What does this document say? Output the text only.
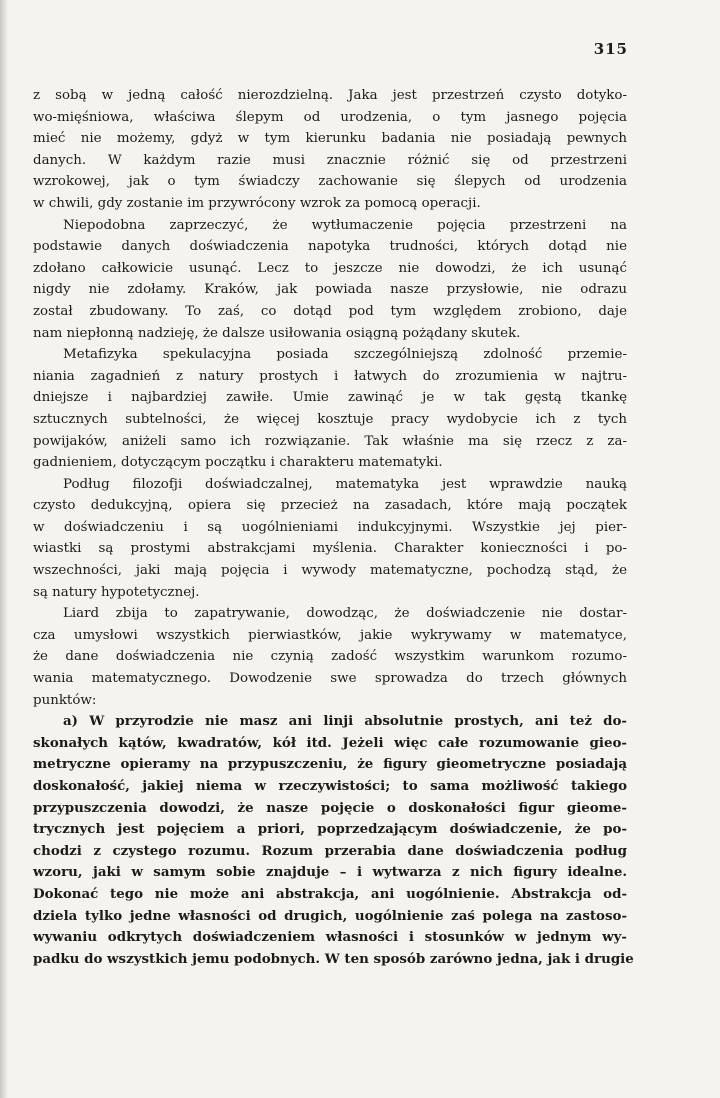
315
z sobą w jedną całość nierozdzielną. Jaka jest przestrzeń czysto dotyko-
wo-mięśniowa, właściwa ślepym od urodzenia, o tym jasnego pojęcia
mieć nie możemy, gdyż w tym kierunku badania nie posiadają pewnych
danych. W każdym razie musi znacznie różnić się od przestrzeni
wzrokowej, jak o tym świadczy zachowanie się ślepych od urodzenia
w chwili, gdy zostanie im przywrócony wzrok za pomocą operacji.
Niepodobna zaprzeczyć, że wytłumaczenie pojęcia przestrzeni na
podstawie danych doświadczenia napotyka trudności, których dotąd nie
zdołano całkowicie usunąć. Lecz to jeszcze nie dowodzi, że ich usunąć
nigdy nie zdołamy. Kraków, jak powiada nasze przysłowie, nie odrazu
został zbudowany. To zaś, co dotąd pod tym względem zrobiono, daje
nam niepłonną nadzieję, że dalsze usiłowania osiągną pożądany skutek.
Metafizyka spekulacyjna posiada szczególniejszą zdolność przemie-
niania zagadnień z natury prostych i łatwych do zrozumienia w najtru-
dniejsze i najbardziej zawiłe. Umie zawinąć je w tak gęstą tkankę
sztucznych subtelności, że więcej kosztuje pracy wydobycie ich z tych
powijaków, aniżeli samo ich rozwiązanie. Tak właśnie ma się rzecz z za-
gadnieniem, dotyczącym początku i charakteru matematyki.
Podług filozofji doświadczalnej, matematyka jest wprawdzie nauką
czysto dedukcyjną, opiera się przecież na zasadach, które mają początek
w doświadczeniu i są uogólnieniami indukcyjnymi. Wszystkie jej pier-
wiastki są prostymi abstrakcjami myślenia. Charakter konieczności i po-
wszechności, jaki mają pojęcia i wywody matematyczne, pochodzą stąd, że
są natury hypotetycznej.
Liard zbija to zapatrywanie, dowodząc, że doświadczenie nie dostar-
cza umysłowi wszystkich pierwiastków, jakie wykrywamy w matematyce,
że dane doświadczenia nie czynią zadość wszystkim warunkom rozumo-
wania matematycznego. Dowodzenie swe sprowadza do trzech głównych
punktów:
a) W przyrodzie nie masz ani linji absolutnie prostych, ani też do-
skonałych kątów, kwadratów, kół itd. Jeżeli więc całe rozumowanie gieo-
metryczne opieramy na przypuszczeniu, że figury gieometryczne posiadają
doskonałość, jakiej niema w rzeczywistości; to sama możliwość takiego
przypuszczenia dowodzi, że nasze pojęcie o doskonałości figur gieome-
trycznych jest pojęciem a priori, poprzedzającym doświadczenie, że po-
chodzi z czystego rozumu. Rozum przerabia dane doświadczenia podług
wzoru, jaki w samym sobie znajduje – i wytwarza z nich figury idealne.
Dokonać tego nie może ani abstrakcja, ani uogólnienie. Abstrakcja od-
dziela tylko jedne własności od drugich, uogólnienie zaś polega na zastoso-
wywaniu odkrytych doświadczeniem własności i stosunków w jednym wy-
padku do wszystkich jemu podobnych. W ten sposób zarówno jedna, jak i drugie
